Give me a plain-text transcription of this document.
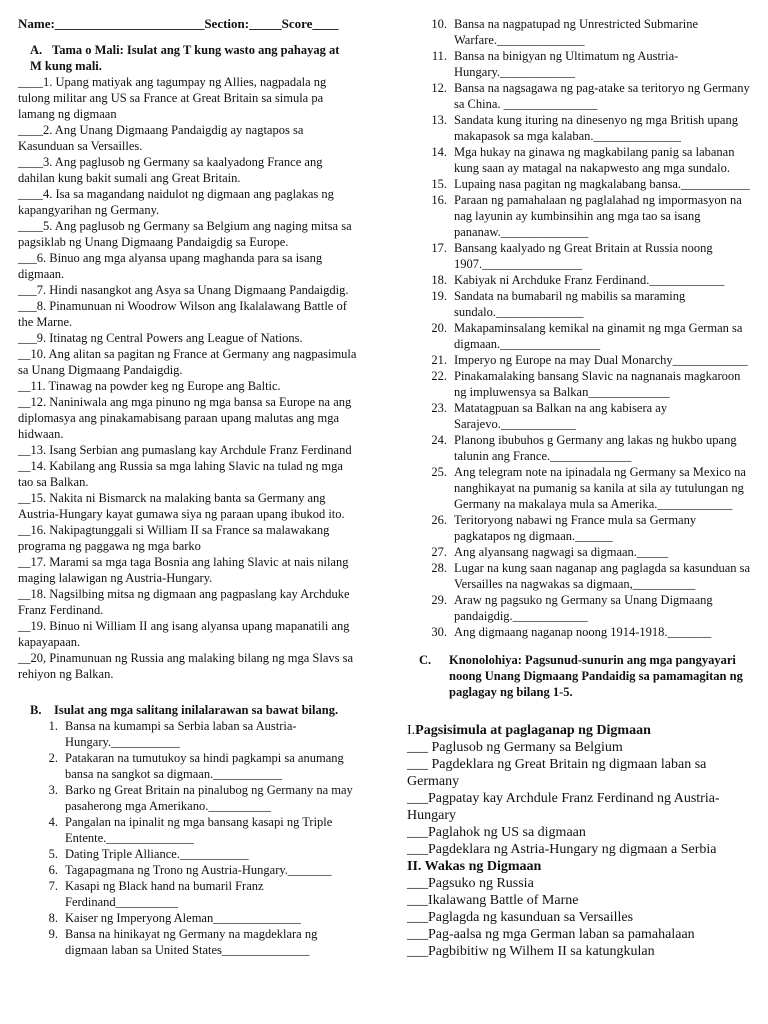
Name:_______________________Section:_____Score____
A. Tama o Mali: Isulat ang T kung wasto ang pahayag at M kung mali.
____1. Upang matiyak ang tagumpay ng Allies, nagpadala ng tulong militar ang US sa France at Great Britain sa simula pa lamang ng digmaan
____2. Ang Unang Digmaang Pandaigdig ay nagtapos sa Kasunduan sa Versailles.
____3. Ang paglusob ng Germany sa kaalyadong France ang dahilan kung bakit sumali ang Great Britain.
____4. Isa sa magandang naidulot ng digmaan ang paglakas ng kapangyarihan ng Germany.
____5. Ang paglusob ng Germany sa Belgium ang naging mitsa sa pagsiklab ng Unang Digmaang Pandaigdig sa Europe.
___6. Binuo ang mga alyansa upang maghanda para sa isang digmaan.
___7. Hindi nasangkot ang Asya sa Unang Digmaang Pandaigdig.
___8. Pinamunuan ni Woodrow Wilson ang Ikalalawang Battle of the Marne.
___9. Itinatag ng Central Powers ang League of Nations.
__10. Ang alitan sa pagitan ng France at Germany ang nagpasimula sa Unang Digmaang Pandaigdig.
__11. Tinawag na powder keg ng Europe ang Baltic.
__12. Naniniwala ang mga pinuno ng mga bansa sa Europe na ang diplomasya ang pinakamabisang paraan upang malutas ang mga hidwaan.
__13. Isang Serbian ang pumaslang kay Archdule Franz Ferdinand
__14. Kabilang ang Russia sa mga lahing Slavic na tulad ng mga tao sa Balkan.
__15. Nakita ni Bismarck na malaking banta sa Germany ang Austria-Hungary kayat gumawa siya ng paraan upang ibukod ito.
__16. Nakipagtunggali si William II sa France sa malawakang programa ng paggawa ng mga barko
__17. Marami sa mga taga Bosnia ang lahing Slavic at nais nilang maging lalawigan ng Austria-Hungary.
__18. Nagsilbing mitsa ng digmaan ang pagpaslang kay Archduke Franz Ferdinand.
__19. Binuo ni William II ang isang alyansa upang mapanatili ang kapayapaan.
__20, Pinamunuan ng Russia ang malaking bilang ng mga Slavs sa rehiyon ng Balkan.
B. Isulat ang mga salitang inilalarawan sa bawat bilang.
1. Bansa na kumampi sa Serbia laban sa Austria-Hungary.___________
2. Patakaran na tumutukoy sa hindi pagkampi sa anumang bansa na sangkot sa digmaan.___________
3. Barko ng Great Britain na pinalubog ng Germany na may pasaherong mga Amerikano.__________
4. Pangalan na ipinalit ng mga bansang kasapi ng Triple Entente.______________
5. Dating Triple Alliance.___________
6. Tagapagmana ng Trono ng Austria-Hungary._______
7. Kasapi ng Black hand na bumaril Franz Ferdinand__________
8. Kaiser ng Imperyong Aleman______________
9. Bansa na hinikayat ng Germany na magdeklara ng digmaan laban sa United States______________
10. Bansa na nagpatupad ng Unrestricted Submarine Warfare.______________
11. Bansa na binigyan ng Ultimatum ng Austria-Hungary.____________
12. Bansa na nagsagawa ng pag-atake sa teritoryo ng Germany sa China. _______________
13. Sandata kung ituring na dinesenyo ng mga British upang makapasok sa mga kalaban.______________
14. Mga hukay na ginawa ng magkabilang panig sa labanan kung saan ay matagal na nakapwesto ang mga sundalo.
15. Lupaing nasa pagitan ng magkalabang bansa.___________
16. Paraan ng pamahalaan ng paglalahad ng impormasyon na nag layunin ay kumbinsihin ang mga tao sa isang pananaw.______________
17. Bansang kaalyado ng Great Britain at Russia noong 1907.________________
18. Kabiyak ni Archduke Franz Ferdinand.____________
19. Sandata na bumabaril ng mabilis sa maraming sundalo.______________
20. Makapaminsalang kemikal na ginamit ng mga German sa digmaan.________________
21. Imperyo ng Europe na may Dual Monarchy____________
22. Pinakamalaking bansang Slavic na nagnanais magkaroon ng impluwensya sa Balkan_____________
23. Matatagpuan sa Balkan na ang kabisera ay Sarajevo.____________
24. Planong ibubuhos g Germany ang lakas ng hukbo upang talunin ang France._____________
25. Ang telegram note na ipinadala ng Germany sa Mexico na nanghikayat na pumanig sa kanila at sila ay tutulungan ng Germany na makalaya mula sa Amerika.____________
26. Teritoryong nabawi ng France mula sa Germany pagkatapos ng digmaan.______
27. Ang alyansang nagwagi sa digmaan._____
28. Lugar na kung saan naganap ang paglagda sa kasunduan sa Versailles na nagwakas sa digmaan,__________
29. Araw ng pagsuko ng Germany sa Unang Digmaang pandaigdig.____________
30. Ang digmaang naganap noong 1914-1918._______
C.	Knonolohiya: Pagsunud-sunurin ang mga pangyayari noong Unang Digmaang Pandaidig sa pamamagitan ng paglagay ng bilang 1-5.
I.Pagsisimula at paglaganap ng Digmaan
___ Paglusob ng Germany sa Belgium
___ Pagdeklara ng Great Britain ng digmaan laban sa Germany
___Pagpatay kay Archdule Franz Ferdinand ng Austria-Hungary
___Paglahok ng US sa digmaan
___Pagdeklara ng Astria-Hungary ng digmaan a Serbia
II. Wakas ng Digmaan
___Pagsuko ng Russia
___Ikalawang Battle of Marne
___Paglagda ng kasunduan sa Versailles
___Pag-aalsa ng mga German laban sa pamahalaan
___Pagbibitiw ng Wilhem II sa katungkulan
